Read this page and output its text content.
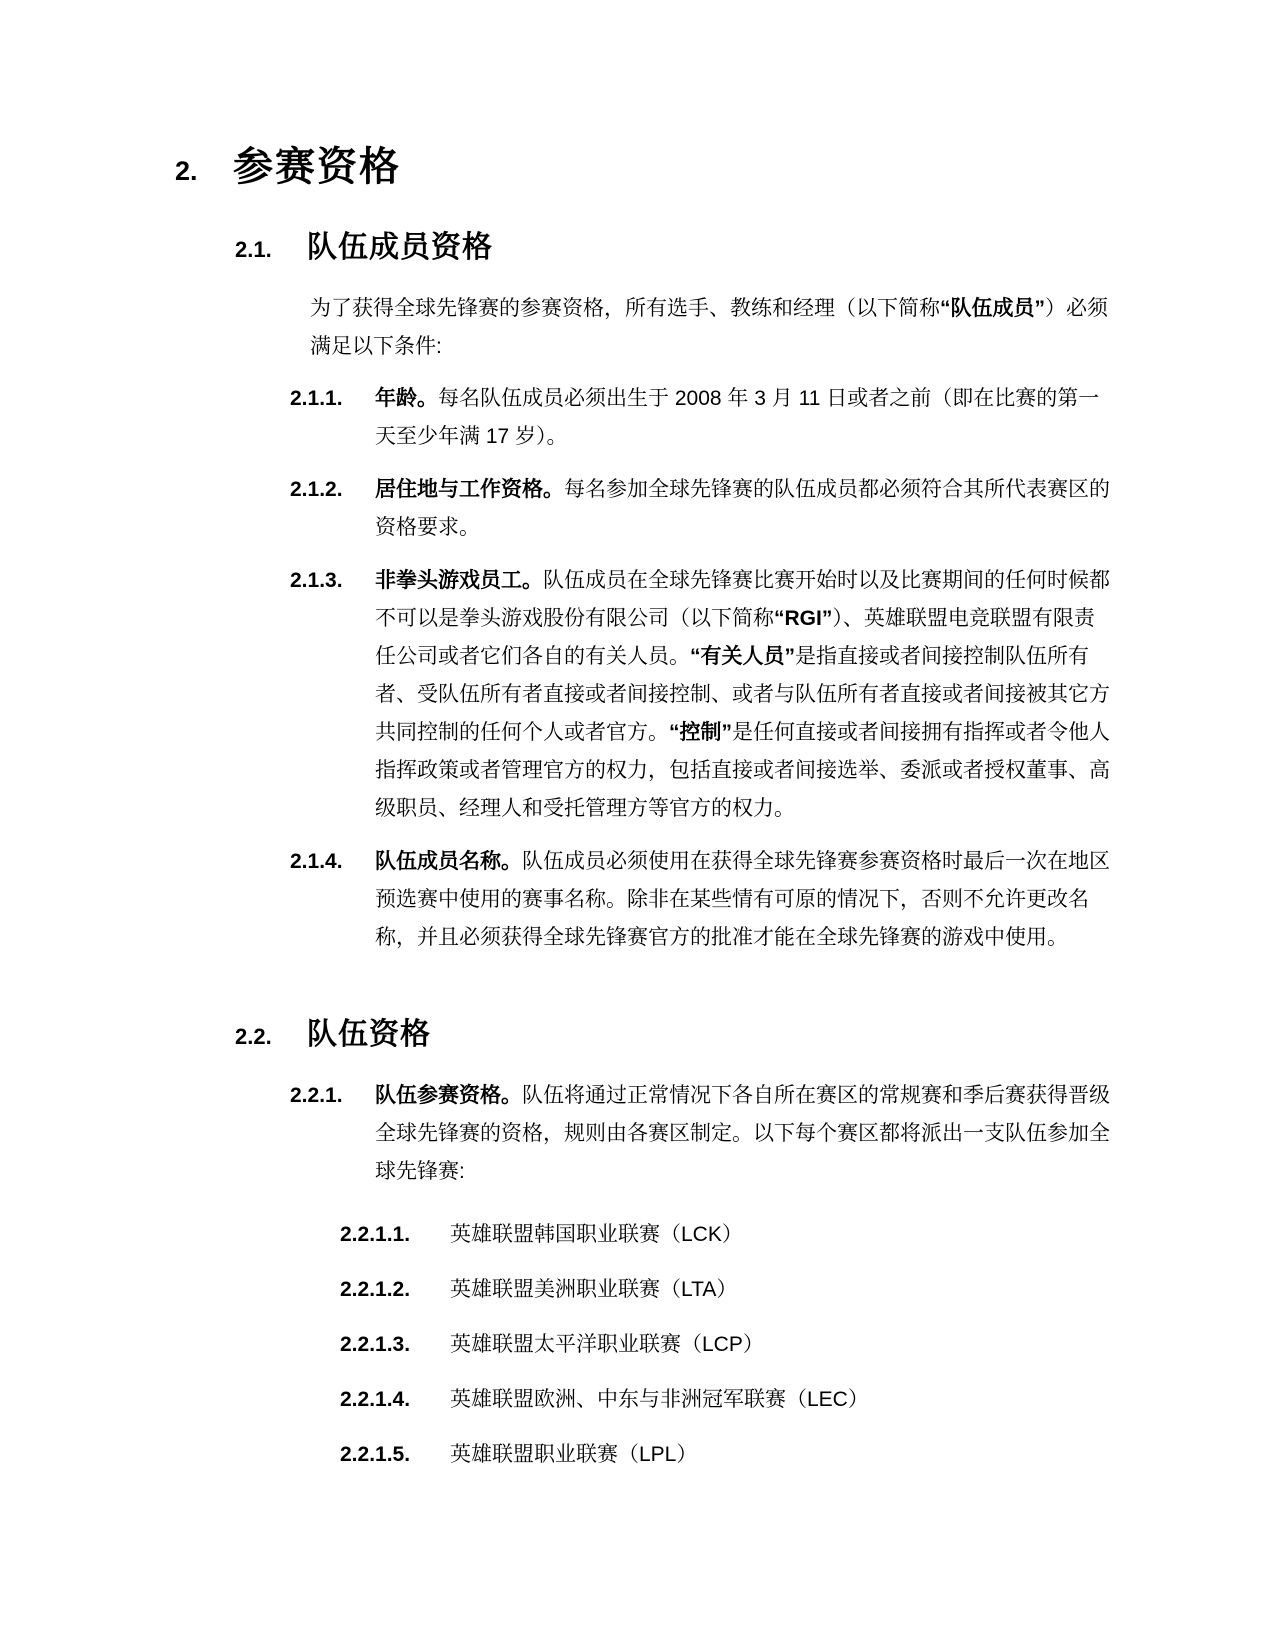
2. 参赛资格
2.1.	队伍成员资格

为了获得全球先锋赛的参赛资格，所有选手、教练和经理（以下简称“队伍成员”）必须满足以下条件:

2.1.1.	年龄。每名队伍成员必须出生于 2008 年 3 月 11 日或者之前（即在比赛的第一天至少年满 17 岁）。
2.1.2.	居住地与工作资格。每名参加全球先锋赛的队伍成员都必须符合其所代表赛区的资格要求。
2.1.3.	非拳头游戏员工。队伍成员在全球先锋赛比赛开始时以及比赛期间的任何时候都不可以是拳头游戏股份有限公司（以下简称“RGI”）、英雄联盟电竞联盟有限责任公司或者它们各自的有关人员。“有关人员”是指直接或者间接控制队伍所有者、受队伍所有者直接或者间接控制、或者与队伍所有者直接或者间接被其它方共同控制的任何个人或者官方。“控制”是任何直接或者间接拥有指挥或者令他人指挥政策或者管理官方的权力，包括直接或者间接选举、委派或者授权董事、高级职员、经理人和受托管理方等官方的权力。
2.1.4.	队伍成员名称。队伍成员必须使用在获得全球先锋赛参赛资格时最后一次在地区预选赛中使用的赛事名称。除非在某些情有可原的情况下，否则不允许更改名称，并且必须获得全球先锋赛官方的批准才能在全球先锋赛的游戏中使用。
2.2.	队伍资格
2.2.1.	队伍参赛资格。队伍将通过正常情况下各自所在赛区的常规赛和季后赛获得晋级全球先锋赛的资格，规则由各赛区制定。以下每个赛区都将派出一支队伍参加全球先锋赛:
2.2.1.1.	英雄联盟韩国职业联赛（LCK）
2.2.1.2.	英雄联盟美洲职业联赛（LTA）
2.2.1.3.	英雄联盟太平洋职业联赛（LCP）
2.2.1.4.	英雄联盟欧洲、中东与非洲冠军联赛（LEC）
2.2.1.5.	英雄联盟职业联赛（LPL）
